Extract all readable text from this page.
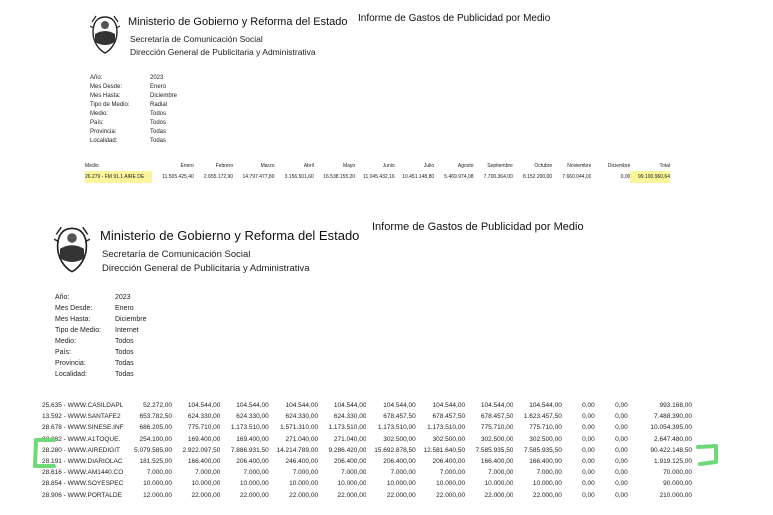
Ministerio de Gobierno y Reforma del Estado
Secretaría de Comunicación Social
Dirección General de Publicitaria y Administrativa
Informe de Gastos de Publicidad por Medio
Año:	2023
Mes Desde:	Enero
Mes Hasta:	Diciembre
Tipo de Medio:	Radial
Medio:	Todos
País:	Todos
Provincia:	Todas
Localidad:	Todas
Medio	Enero	Febrero	Marzo	Abril	Mayo	Junio	Julio	Agosto	Septiembre	Octubre	Noviembre	Diciembre	Total
26.279 - FM 91.1 AIRE DE	11.505.425,40	2.655.172,90	14.797.477,80	3.156.501,60	16.538.155,20	11.045.432,16	10.451.148,80	5.469.974,08	7.700.364,00	8.152.200,00	7.660.044,00	0,00	99.100.960,64
Ministerio de Gobierno y Reforma del Estado
Secretaría de Comunicación Social
Dirección General de Publicitaria y Administrativa
Informe de Gastos de Publicidad por Medio
Año:	2023
Mes Desde:	Enero
Mes Hasta:	Diciembre
Tipo de Medio:	Internet
Medio:	Todos
País:	Todos
Provincia:	Todas
Localidad:	Todas
25.635 - WWW.CASILDAPL	52.272,00	104.544,00	104.544,00	104.544,00	104.544,00	104.544,00	104.544,00	104.544,00	104.544,00	0,00	0,00	993.168,00
13.592 - WWW.SANTAFE2	653.782,50	624.330,00	624.330,00	624.330,00	624.330,00	678.457,50	678.457,50	678.457,50	1.623.457,50	0,00	0,00	7.488.390,00
28.678 - WWW.SINESE.INF	686.205,00	775.710,00	1.173.510,00	1.571.310,00	1.173.510,00	1.173.510,00	1.173.510,00	775.710,00	775.710,00	0,00	0,00	10.054.395,00
28.282 - WWW.A1TOQUE.	254.100,00	169.400,00	169.400,00	271.040,00	271.040,00	302.500,00	302.500,00	302.500,00	302.500,00	0,00	0,00	2.647.480,00
28.280 - WWW.AIREDIGIT	5.079.585,00	2.922.097,50	7.886.931,50	14.214.789,00	9.286.420,00	15.692.878,50	12.581.640,50	7.585.935,50	7.585.935,50	0,00	0,00	90.422.148,50
28.191 - WWW.DIARIOLAC	181.525,00	166.400,00	206.400,00	246.400,00	206.400,00	206.400,00	206.400,00	166.400,00	166.400,00	0,00	0,00	1.919.125,00
28.616 - WWW.AM1440.CO	7.000,00	7.000,00	7.000,00	7.000,00	7.000,00	7.000,00	7.000,00	7.000,00	7.000,00	0,00	0,00	70.000,00
28.854 - WWW.SOYESPEC	10.000,00	10.000,00	10.000,00	10.000,00	10.000,00	10.000,00	10.000,00	10.000,00	10.000,00	0,00	0,00	90.000,00
28.906 - WWW.PORTALDE	12.000,00	22.000,00	22.000,00	22.000,00	22.000,00	22.000,00	22.000,00	22.000,00	22.000,00	0,00	0,00	210.000,00
